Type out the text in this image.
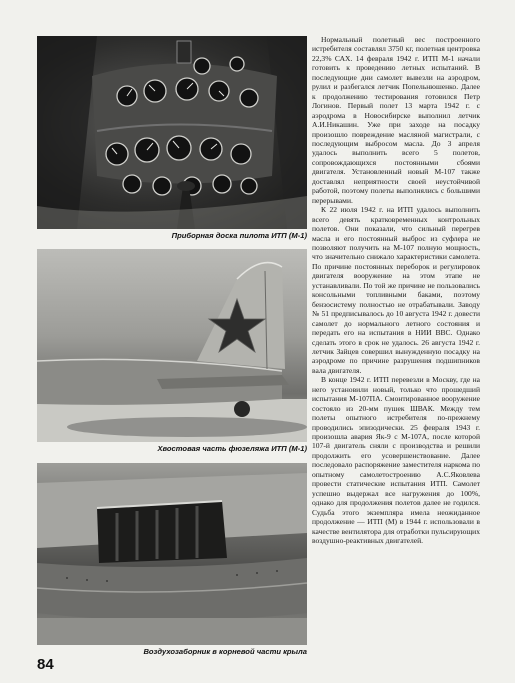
Приборная доска пилота ИТП (М-1)
Хвостовая часть фюзеляжа ИТП (М-1)
Воздухозаборник в корневой части крыла

Нормальный полетный вес построенного истребителя составлял 3750 кг, полетная центровка 22,3% САХ. 14 февраля 1942 г. ИТП М-1 начали готовить к проведению летных испытаний. В последующие дни самолет вывезли на аэродром, рулил и разбегался летчик Попельнюшенко. Далее к продолжению тестирования готовился Петр Логинов. Первый полет 13 марта 1942 г. с аэродрома в Новосибирске выполнил летчик А.И.Никашин. Уже при заходе на посадку произошло повреждение масляной магистрали, с последующим выбросом масла. До 3 апреля удалось выполнить всего 5 полетов, сопровождающихся постоянными сбоями двигателя. Установленный новый М-107 также доставлял неприятности своей неустойчивой работой, поэтому полеты выполнялись с большими перерывами.

К 22 июля 1942 г. на ИТП удалось выполнить всего девять кратковременных контрольных полетов. Они показали, что сильный перегрев масла и его постоянный выброс из суфлера не позволяют получить на М-107 полную мощность, что значительно снижало характеристики самолета. По причине постоянных переборок и регулировок двигателя вооружение на этом этапе не устанавливали. По той же причине не пользовались консольными топливными баками, поэтому бензосистему полностью не отрабатывали. Заводу № 51 предписывалось до 10 августа 1942 г. довести самолет до нормального летного состояния и передать его на испытания в НИИ ВВС. Однако сделать этого в срок не удалось. 26 августа 1942 г. летчик Зайцев совершил вынужденную посадку на аэродроме по причине разрушения подшипников вала двигателя.

В конце 1942 г. ИТП перевезли в Москву, где на него установили новый, только что прошедший испытания М-107ПА. Смонтированное вооружение состояло из 20-мм пушек ШВАК. Между тем полеты опытного истребителя по-прежнему проводились эпизодически. 25 февраля 1943 г. произошла авария Як-9 с М-107А, после которой 107-й двигатель сняли с производства и решили продолжить его усовершенствование. Далее последовало распоряжение заместителя наркома по опытному самолетостроению А.С.Яковлева провести статические испытания ИТП. Самолет успешно выдержал все нагружения до 100%, однако для продолжения полетов далее не годился. Судьба этого экземпляра имела неожиданное продолжение — ИТП (М) в 1944 г. использовали в качестве вентилятора для отработки пульсирующих воздушно-реактивных двигателей.

84
